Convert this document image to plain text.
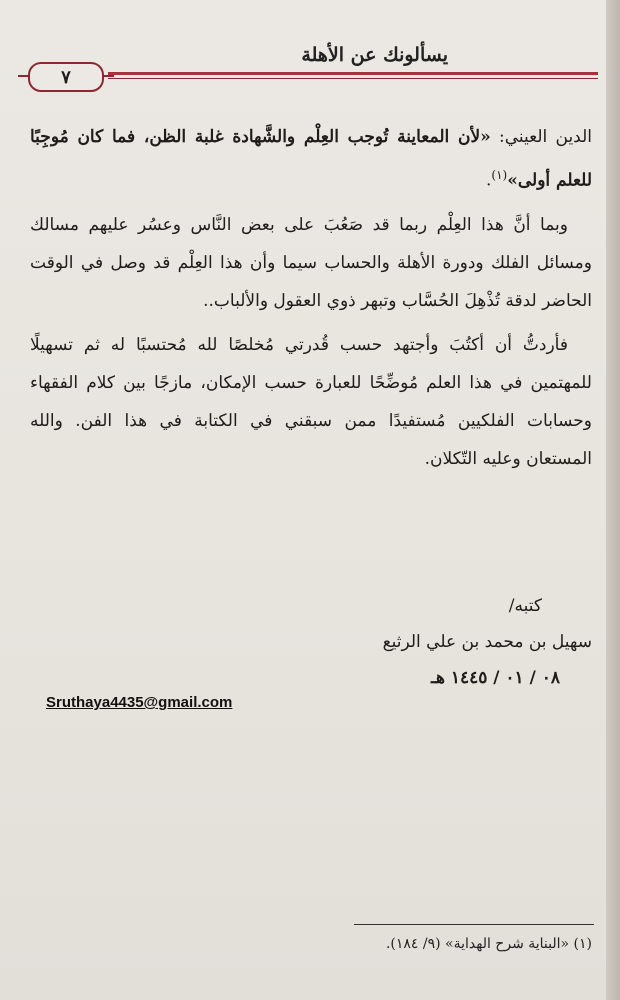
يسألونك عن الأهلة
٧

الدين العيني: «لأن المعاينة تُوجب العِلْم والشَّهادة غلبة الظن، فما كان مُوجِبًا للعلم أولى»$^{(١)}$.

وبما أنَّ هذا العِلْم ربما قد صَعُبَ على بعض النَّاس وعسُر عليهم مسالك ومسائل الفلك ودورة الأهلة والحساب سيما وأن هذا العِلْم قد وصل في الوقت الحاضر لدقة تُذْهِلَ الحُسَّاب وتبهر ذوي العقول والألباب..

فأردتُّ أن أكتُبَ وأجتهد حسب قُدرتي مُخلصًا لله مُحتسبًا له ثم تسهيلًا للمهتمين في هذا العلم مُوضِّحًا للعبارة حسب الإمكان، مازجًا بين كلام الفقهاء وحسابات الفلكيين مُستفيدًا ممن سبقني في الكتابة في هذا الفن. والله المستعان وعليه التّكلان.

كتبه/
سهيل بن محمد بن علي الرثيع
٠٨ / ٠١ / ١٤٤٥ هـ
Sruthaya4435@gmail.com
(١) «البناية شرح الهداية» (٩/ ١٨٤).
